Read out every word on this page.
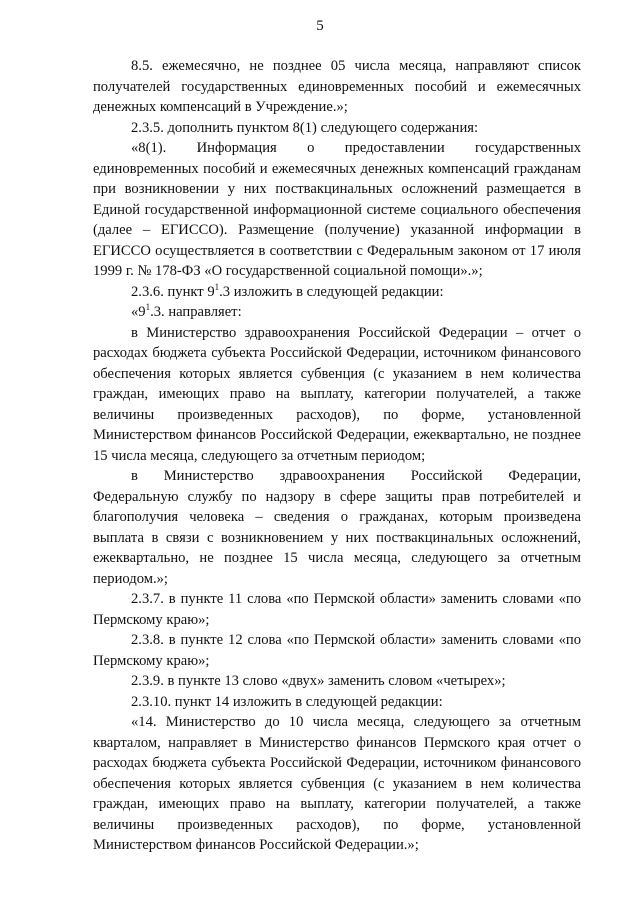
5

8.5. ежемесячно, не позднее 05 числа месяца, направляют список получателей государственных единовременных пособий и ежемесячных денежных компенсаций в Учреждение.»;

2.3.5. дополнить пунктом 8(1) следующего содержания:

«8(1). Информация о предоставлении государственных единовременных пособий и ежемесячных денежных компенсаций гражданам при возникновении у них поствакцинальных осложнений размещается в Единой государственной информационной системе социального обеспечения (далее – ЕГИССО). Размещение (получение) указанной информации в ЕГИССО осуществляется в соответствии с Федеральным законом от 17 июля 1999 г. № 178-ФЗ «О государственной социальной помощи».»;

2.3.6. пункт $9^1.3$ изложить в следующей редакции:

«$9^1.3$. направляет:

в Министерство здравоохранения Российской Федерации – отчет о расходах бюджета субъекта Российской Федерации, источником финансового обеспечения которых является субвенция (с указанием в нем количества граждан, имеющих право на выплату, категории получателей, а также величины произведенных расходов), по форме, установленной Министерством финансов Российской Федерации, ежеквартально, не позднее 15 числа месяца, следующего за отчетным периодом;

в Министерство здравоохранения Российской Федерации, Федеральную службу по надзору в сфере защиты прав потребителей и благополучия человека – сведения о гражданах, которым произведена выплата в связи с возникновением у них поствакцинальных осложнений, ежеквартально, не позднее 15 числа месяца, следующего за отчетным периодом.»;

2.3.7. в пункте 11 слова «по Пермской области» заменить словами «по Пермскому краю»;

2.3.8. в пункте 12 слова «по Пермской области» заменить словами «по Пермскому краю»;

2.3.9. в пункте 13 слово «двух» заменить словом «четырех»;

2.3.10. пункт 14 изложить в следующей редакции:

«14. Министерство до 10 числа месяца, следующего за отчетным кварталом, направляет в Министерство финансов Пермского края отчет о расходах бюджета субъекта Российской Федерации, источником финансового обеспечения которых является субвенция (с указанием в нем количества граждан, имеющих право на выплату, категории получателей, а также величины произведенных расходов), по форме, установленной Министерством финансов Российской Федерации.»;
